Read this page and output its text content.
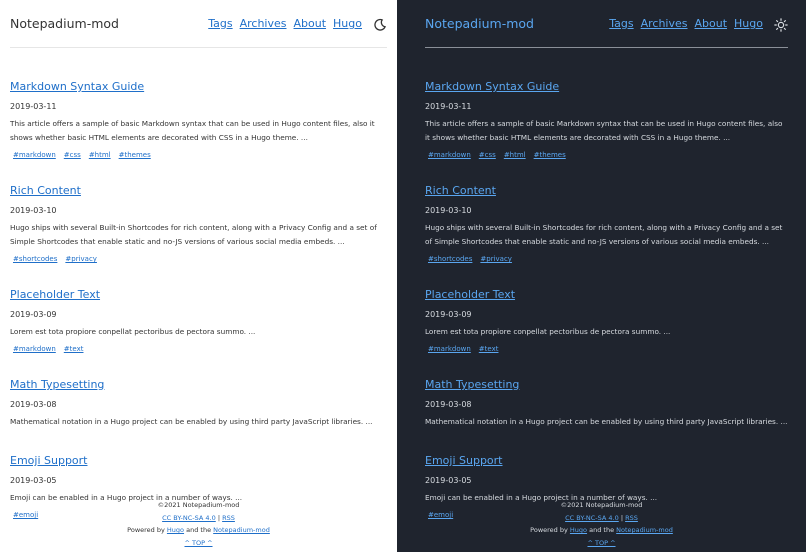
Notepadium-mod	Tags Archives About Hugo
Markdown Syntax Guide
2019-03-11
This article offers a sample of basic Markdown syntax that can be used in Hugo content files, also it shows whether basic HTML elements are decorated with CSS in a Hugo theme. ...
#markdown #css #html #themes
Rich Content
2019-03-10
Hugo ships with several Built-in Shortcodes for rich content, along with a Privacy Config and a set of Simple Shortcodes that enable static and no-JS versions of various social media embeds. ...
#shortcodes #privacy
Placeholder Text
2019-03-09
Lorem est tota propiore conpellat pectoribus de pectora summo. ...
#markdown #text
Math Typesetting
2019-03-08
Mathematical notation in a Hugo project can be enabled by using third party JavaScript libraries. ...
Emoji Support
2019-03-05
Emoji can be enabled in a Hugo project in a number of ways. ...
#emoji
©2021 Notepadium-mod
CC BY-NC-SA 4.0 | RSS
Powered by Hugo and the Notepadium-mod
^ TOP ^
Notepadium-mod	Tags Archives About Hugo
Markdown Syntax Guide
2019-03-11
This article offers a sample of basic Markdown syntax that can be used in Hugo content files, also it shows whether basic HTML elements are decorated with CSS in a Hugo theme. ...
#markdown #css #html #themes
Rich Content
2019-03-10
Hugo ships with several Built-in Shortcodes for rich content, along with a Privacy Config and a set of Simple Shortcodes that enable static and no-JS versions of various social media embeds. ...
#shortcodes #privacy
Placeholder Text
2019-03-09
Lorem est tota propiore conpellat pectoribus de pectora summo. ...
#markdown #text
Math Typesetting
2019-03-08
Mathematical notation in a Hugo project can be enabled by using third party JavaScript libraries. ...
Emoji Support
2019-03-05
Emoji can be enabled in a Hugo project in a number of ways. ...
#emoji
©2021 Notepadium-mod
CC BY-NC-SA 4.0 | RSS
Powered by Hugo and the Notepadium-mod
^ TOP ^
